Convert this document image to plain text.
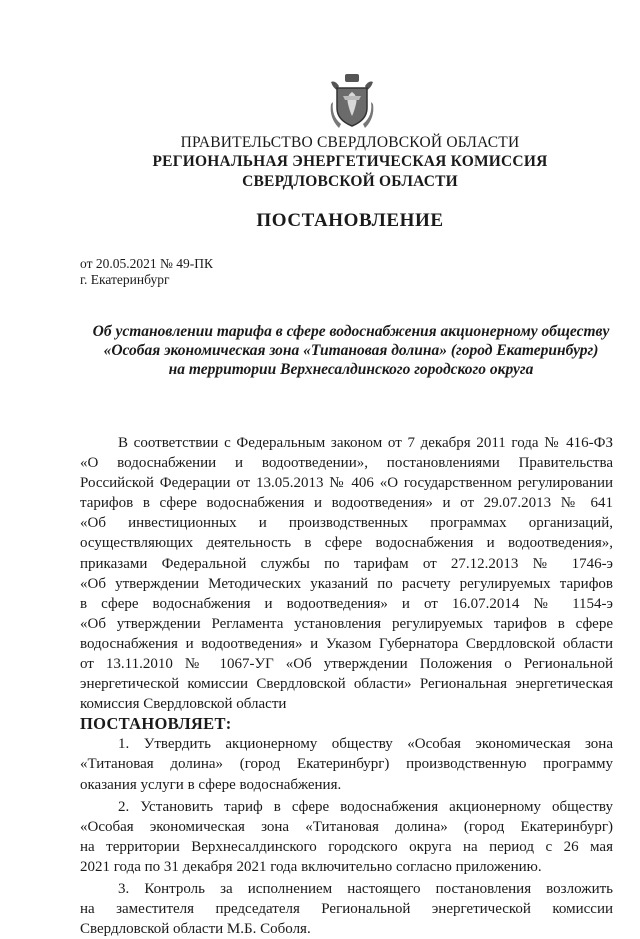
ПРАВИТЕЛЬСТВО СВЕРДЛОВСКОЙ ОБЛАСТИ
РЕГИОНАЛЬНАЯ ЭНЕРГЕТИЧЕСКАЯ КОМИССИЯ
СВЕРДЛОВСКОЙ ОБЛАСТИ
ПОСТАНОВЛЕНИЕ
от 20.05.2021 № 49-ПК
г. Екатеринбург
Об установлении тарифа в сфере водоснабжения акционерному обществу
«Особая экономическая зона «Титановая долина» (город Екатеринбург)
на территории Верхнесалдинского городского округа
В соответствии с Федеральным законом от 7 декабря 2011 года № 416-ФЗ
«О водоснабжении и водоотведении», постановлениями Правительства
Российской Федерации от 13.05.2013 № 406 «О государственном регулировании
тарифов в сфере водоснабжения и водоотведения» и от 29.07.2013 № 641
«Об инвестиционных и производственных программах организаций,
осуществляющих деятельность в сфере водоснабжения и водоотведения»,
приказами Федеральной службы по тарифам от 27.12.2013 № 1746-э
«Об утверждении Методических указаний по расчету регулируемых тарифов
в сфере водоснабжения и водоотведения» и от 16.07.2014 № 1154-э
«Об утверждении Регламента установления регулируемых тарифов в сфере
водоснабжения и водоотведения» и Указом Губернатора Свердловской области
от 13.11.2010 № 1067-УГ «Об утверждении Положения о Региональной
энергетической комиссии Свердловской области» Региональная энергетическая
комиссия Свердловской области
ПОСТАНОВЛЯЕТ:
1. Утвердить акционерному обществу «Особая экономическая зона
«Титановая долина» (город Екатеринбург) производственную программу
оказания услуги в сфере водоснабжения.
2. Установить тариф в сфере водоснабжения акционерному обществу
«Особая экономическая зона «Титановая долина» (город Екатеринбург)
на территории Верхнесалдинского городского округа на период с 26 мая
2021 года по 31 декабря 2021 года включительно согласно приложению.
3. Контроль за исполнением настоящего постановления возложить
на заместителя председателя Региональной энергетической комиссии
Свердловской области М.Б. Соболя.
